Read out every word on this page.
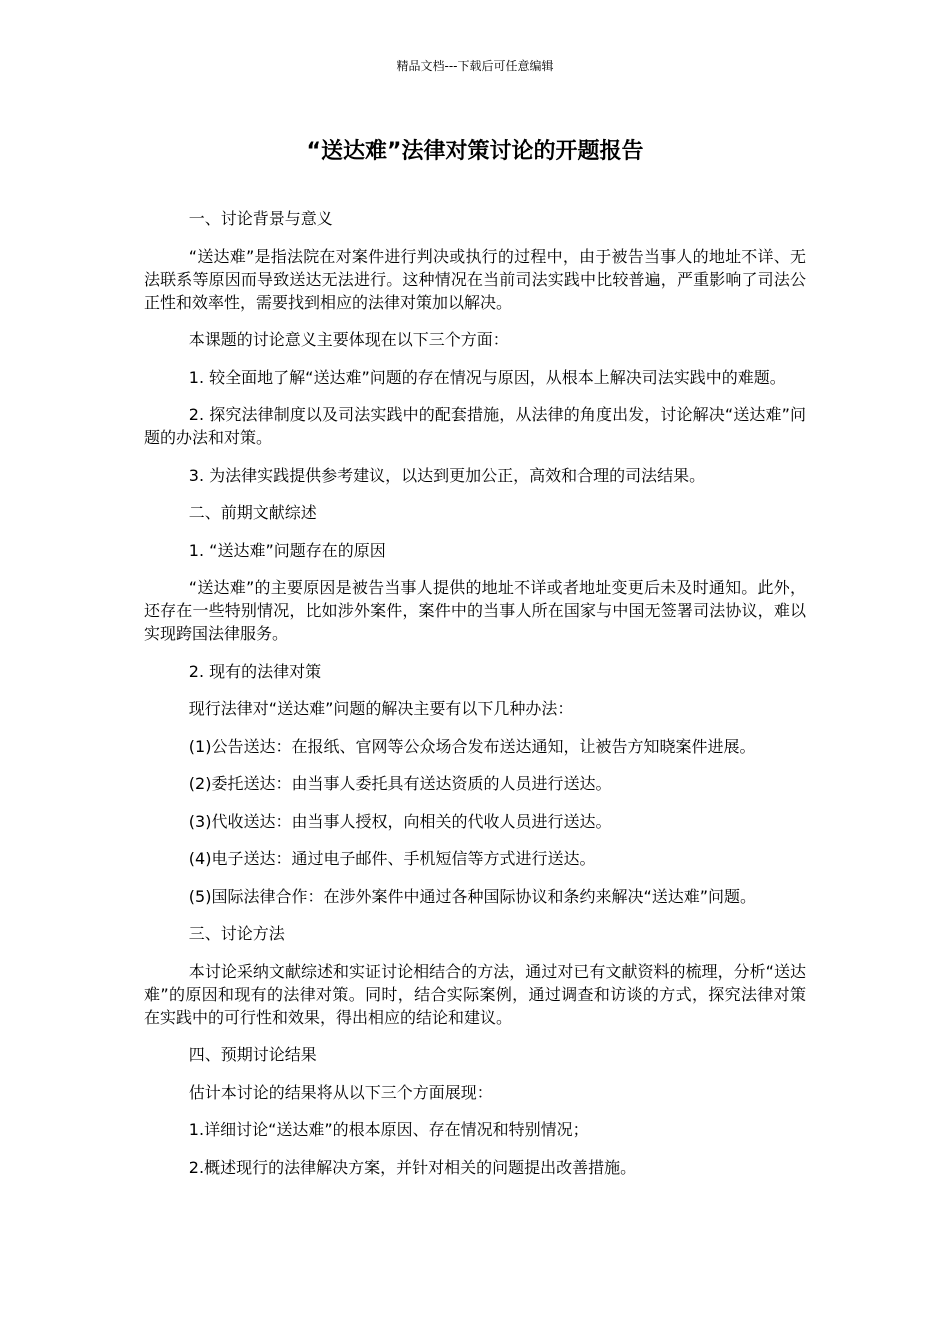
精品文档---下载后可任意编辑
“送达难”法律对策讨论的开题报告

一、讨论背景与意义

“送达难”是指法院在对案件进行判决或执行的过程中，由于被告当事人的地址不详、无法联系等原因而导致送达无法进行。这种情况在当前司法实践中比较普遍，严重影响了司法公正性和效率性，需要找到相应的法律对策加以解决。

本课题的讨论意义主要体现在以下三个方面：

1. 较全面地了解“送达难”问题的存在情况与原因，从根本上解决司法实践中的难题。

2. 探究法律制度以及司法实践中的配套措施，从法律的角度出发，讨论解决“送达难”问题的办法和对策。

3. 为法律实践提供参考建议，以达到更加公正，高效和合理的司法结果。

二、前期文献综述

1. “送达难”问题存在的原因

“送达难”的主要原因是被告当事人提供的地址不详或者地址变更后未及时通知。此外，还存在一些特别情况，比如涉外案件，案件中的当事人所在国家与中国无签署司法协议，难以实现跨国法律服务。

2. 现有的法律对策

现行法律对“送达难”问题的解决主要有以下几种办法：

(1)公告送达：在报纸、官网等公众场合发布送达通知，让被告方知晓案件进展。

(2)委托送达：由当事人委托具有送达资质的人员进行送达。

(3)代收送达：由当事人授权，向相关的代收人员进行送达。

(4)电子送达：通过电子邮件、手机短信等方式进行送达。

(5)国际法律合作：在涉外案件中通过各种国际协议和条约来解决“送达难”问题。

三、讨论方法

本讨论采纳文献综述和实证讨论相结合的方法，通过对已有文献资料的梳理，分析“送达难”的原因和现有的法律对策。同时，结合实际案例，通过调查和访谈的方式，探究法律对策在实践中的可行性和效果，得出相应的结论和建议。

四、预期讨论结果

估计本讨论的结果将从以下三个方面展现：

1.详细讨论“送达难”的根本原因、存在情况和特别情况；

2.概述现行的法律解决方案，并针对相关的问题提出改善措施。
